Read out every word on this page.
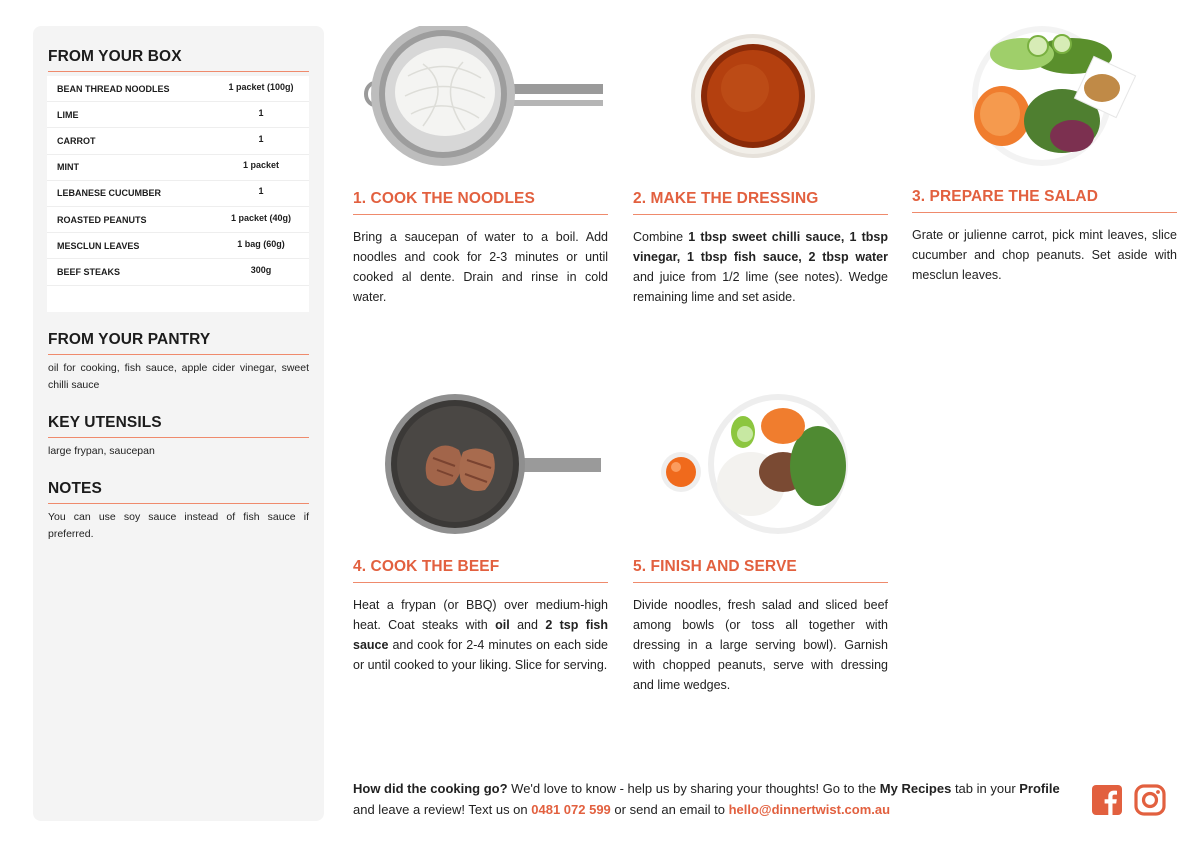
FROM YOUR BOX
BEAN THREAD NOODLES	1 packet (100g)
LIME	1
CARROT	1
MINT	1 packet
LEBANESE CUCUMBER	1
ROASTED PEANUTS	1 packet (40g)
MESCLUN LEAVES	1 bag (60g)
BEEF STEAKS	300g
FROM YOUR PANTRY
oil for cooking, fish sauce, apple cider vinegar, sweet chilli sauce
KEY UTENSILS
large frypan, saucepan
NOTES
You can use soy sauce instead of fish sauce if preferred.
1. COOK THE NOODLES
Bring a saucepan of water to a boil. Add noodles and cook for 2-3 minutes or until cooked al dente. Drain and rinse in cold water.
2. MAKE THE DRESSING
Combine 1 tbsp sweet chilli sauce, 1 tbsp vinegar, 1 tbsp fish sauce, 2 tbsp water and juice from 1/2 lime (see notes). Wedge remaining lime and set aside.
3. PREPARE THE SALAD
Grate or julienne carrot, pick mint leaves, slice cucumber and chop peanuts. Set aside with mesclun leaves.
4. COOK THE BEEF
Heat a frypan (or BBQ) over medium-high heat. Coat steaks with oil and 2 tsp fish sauce and cook for 2-4 minutes on each side or until cooked to your liking. Slice for serving.
5. FINISH AND SERVE
Divide noodles, fresh salad and sliced beef among bowls (or toss all together with dressing in a large serving bowl). Garnish with chopped peanuts, serve with dressing and lime wedges.
How did the cooking go? We'd love to know - help us by sharing your thoughts! Go to the My Recipes tab in your Profile and leave a review! Text us on 0481 072 599 or send an email to hello@dinnertwist.com.au
